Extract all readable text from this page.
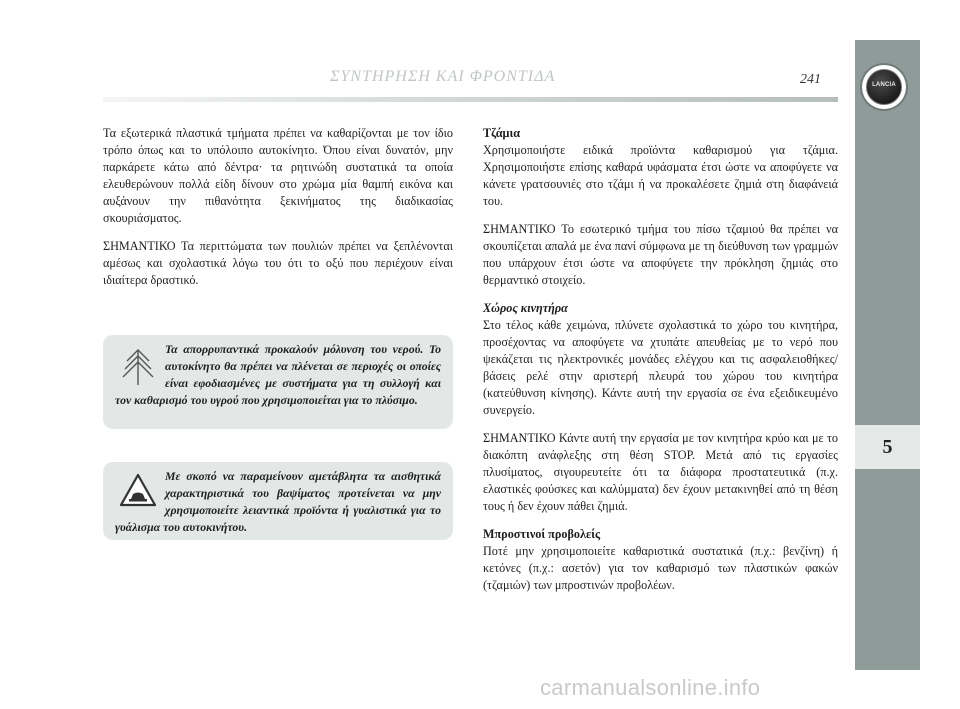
LANCIA
5
ΣΥΝΤΗΡΗΣΗ ΚΑΙ ΦΡΟΝΤΙΔΑ	241

Τα εξωτερικά πλαστικά τμήματα πρέπει να καθαρίζονται με τον ίδιο τρόπο όπως και το υπόλοιπο αυτοκίνητο. Όπου είναι δυνατόν, μην παρκάρετε κάτω από δέντρα· τα ρητινώδη συστατικά τα οποία ελευθερώνουν πολλά είδη δίνουν στο χρώμα μία θαμπή εικόνα και αυξάνουν την πιθανότητα ξεκινήματος της διαδικασίας σκουριάσματος.

ΣΗΜΑΝΤΙΚΟ Τα περιττώματα των πουλιών πρέπει να ξεπλένονται αμέσως και σχολαστικά λόγω του ότι το οξύ που περιέχουν είναι ιδιαίτερα δραστικό.

Τα απορρυπαντικά προκαλούν μόλυνση του νερού. Το αυτοκίνητο θα πρέπει να πλένεται σε περιοχές οι οποίες είναι εφοδιασμένες με συστήματα για τη συλλογή και τον καθαρισμό του υγρού που χρησιμοποιείται για το πλύσιμο.

Με σκοπό να παραμείνουν αμετάβλητα τα αισθητικά χαρακτηριστικά του βαψίματος προτείνεται να μην χρησιμοποιείτε λειαντικά προϊόντα ή γυαλιστικά για το γυάλισμα του αυτοκινήτου.

Τζάμια

Χρησιμοποιήστε ειδικά προϊόντα καθαρισμού για τζάμια. Χρησιμοποιήστε επίσης καθαρά υφάσματα έτσι ώστε να αποφύγετε να κάνετε γρατσουνιές στο τζάμι ή να προκαλέσετε ζημιά στη διαφάνειά του.

ΣΗΜΑΝΤΙΚΟ Το εσωτερικό τμήμα του πίσω τζαμιού θα πρέπει να σκουπίζεται απαλά με ένα πανί σύμφωνα με τη διεύθυνση των γραμμών που υπάρχουν έτσι ώστε να αποφύγετε την πρόκληση ζημιάς στο θερμαντικό στοιχείο.

Χώρος κινητήρα

Στο τέλος κάθε χειμώνα, πλύνετε σχολαστικά το χώρο του κινητήρα, προσέχοντας να αποφύγετε να χτυπάτε απευθείας με το νερό που ψεκάζεται τις ηλεκτρονικές μονάδες ελέγχου και τις ασφαλειοθήκες/βάσεις ρελέ στην αριστερή πλευρά του χώρου του κινητήρα (κατεύθυνση κίνησης). Κάντε αυτή την εργασία σε ένα εξειδικευμένο συνεργείο.

ΣΗΜΑΝΤΙΚΟ Κάντε αυτή την εργασία με τον κινητήρα κρύο και με το διακόπτη ανάφλεξης στη θέση STOP. Μετά από τις εργασίες πλυσίματος, σιγουρευτείτε ότι τα διάφορα προστατευτικά (π.χ. ελαστικές φούσκες και καλύμματα) δεν έχουν μετακινηθεί από τη θέση τους ή δεν έχουν πάθει ζημιά.

Μπροστινοί προβολείς

Ποτέ μην χρησιμοποιείτε καθαριστικά συστατικά (π.χ.: βενζίνη) ή κετόνες (π.χ.: ασετόν) για τον καθαρισμό των πλαστικών φακών (τζαμιών) των μπροστινών προβολέων.

carmanualsonline.info
